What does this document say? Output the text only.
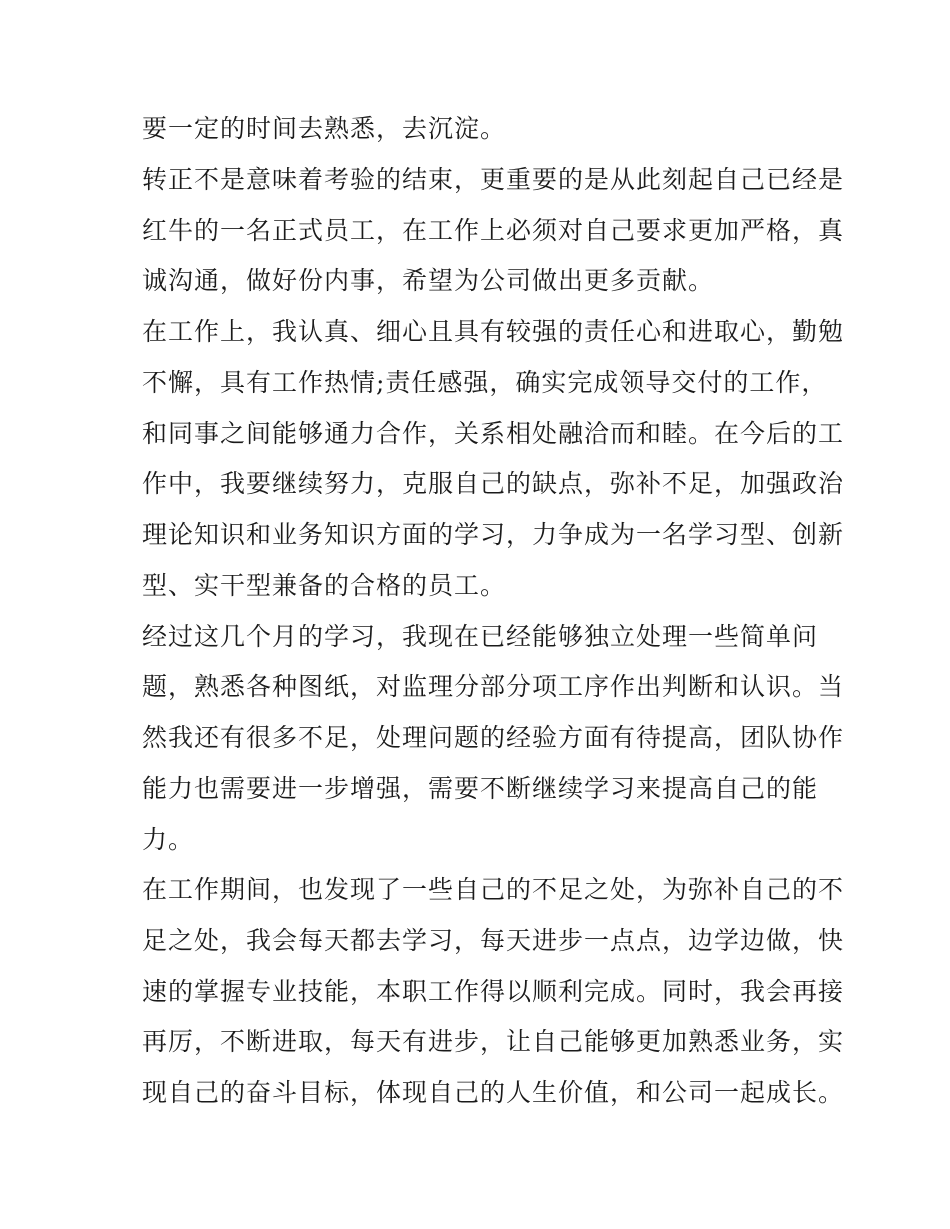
要一定的时间去熟悉，去沉淀。
转正不是意味着考验的结束，更重要的是从此刻起自己已经是
红牛的一名正式员工，在工作上必须对自己要求更加严格，真
诚沟通，做好份内事，希望为公司做出更多贡献。
在工作上，我认真、细心且具有较强的责任心和进取心，勤勉
不懈，具有工作热情;责任感强，确实完成领导交付的工作，
和同事之间能够通力合作，关系相处融洽而和睦。在今后的工
作中，我要继续努力，克服自己的缺点，弥补不足，加强政治
理论知识和业务知识方面的学习，力争成为一名学习型、创新
型、实干型兼备的合格的员工。
经过这几个月的学习，我现在已经能够独立处理一些简单问
题，熟悉各种图纸，对监理分部分项工序作出判断和认识。当
然我还有很多不足，处理问题的经验方面有待提高，团队协作
能力也需要进一步增强，需要不断继续学习来提高自己的能
力。
在工作期间，也发现了一些自己的不足之处，为弥补自己的不
足之处，我会每天都去学习，每天进步一点点，边学边做，快
速的掌握专业技能，本职工作得以顺利完成。同时，我会再接
再厉，不断进取，每天有进步，让自己能够更加熟悉业务，实
现自己的奋斗目标，体现自己的人生价值，和公司一起成长。
